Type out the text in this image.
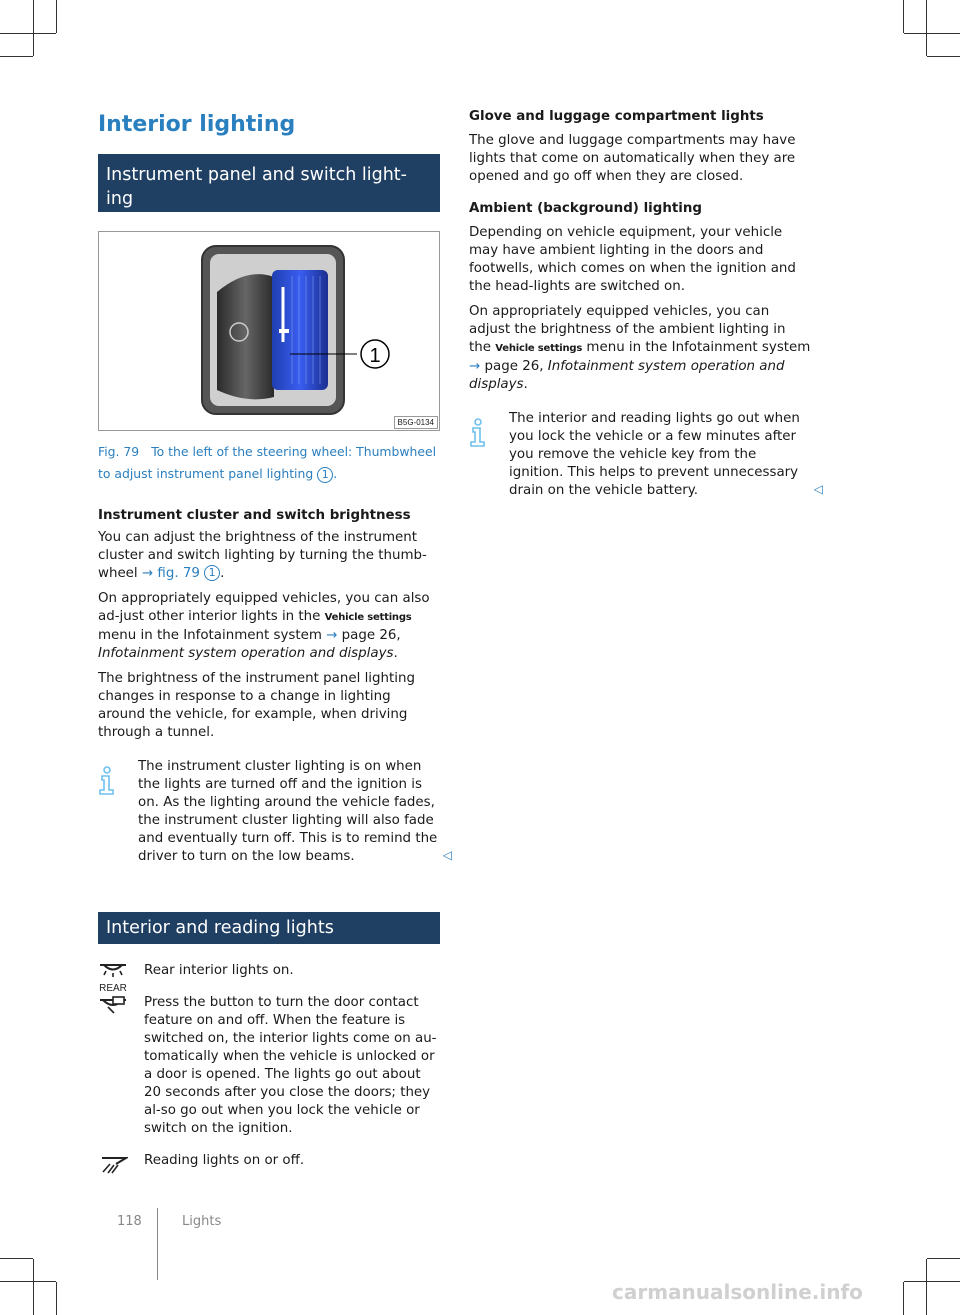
Interior lighting
Instrument panel and switch light-ing
1
B5G-0134
Fig. 79 To the left of the steering wheel: Thumbwheel to adjust instrument panel lighting 1 .

Instrument cluster and switch brightness

You can adjust the brightness of the instrument cluster and switch lighting by turning the thumb-wheel → fig. 79 1 .

On appropriately equipped vehicles, you can also ad-just other interior lights in the Vehicle settings menu in the Infotainment system → page 26, Infotainment system operation and displays.

The brightness of the instrument panel lighting changes in response to a change in lighting around the vehicle, for example, when driving through a tunnel.

The instrument cluster lighting is on when the lights are turned off and the ignition is on. As the lighting around the vehicle fades, the instrument cluster lighting will also fade and eventually turn off. This is to remind the driver to turn on the low beams.	◁
Interior and reading lights
REAR
Rear interior lights on.
Press the button to turn the door contact feature on and off. When the feature is switched on, the interior lights come on au-tomatically when the vehicle is unlocked or a door is opened. The lights go out about 20 seconds after you close the doors; they al-so go out when you lock the vehicle or switch on the ignition.
Reading lights on or off.

Glove and luggage compartment lights

The glove and luggage compartments may have lights that come on automatically when they are opened and go off when they are closed.

Ambient (background) lighting

Depending on vehicle equipment, your vehicle may have ambient lighting in the doors and footwells, which comes on when the ignition and the head-lights are switched on.

On appropriately equipped vehicles, you can adjust the brightness of the ambient lighting in the Vehicle settings menu in the Infotainment system → page 26, Infotainment system operation and displays.

The interior and reading lights go out when you lock the vehicle or a few minutes after you remove the vehicle key from the ignition. This helps to prevent unnecessary drain on the vehicle battery.	◁
118	Lights
carmanualsonline.info
